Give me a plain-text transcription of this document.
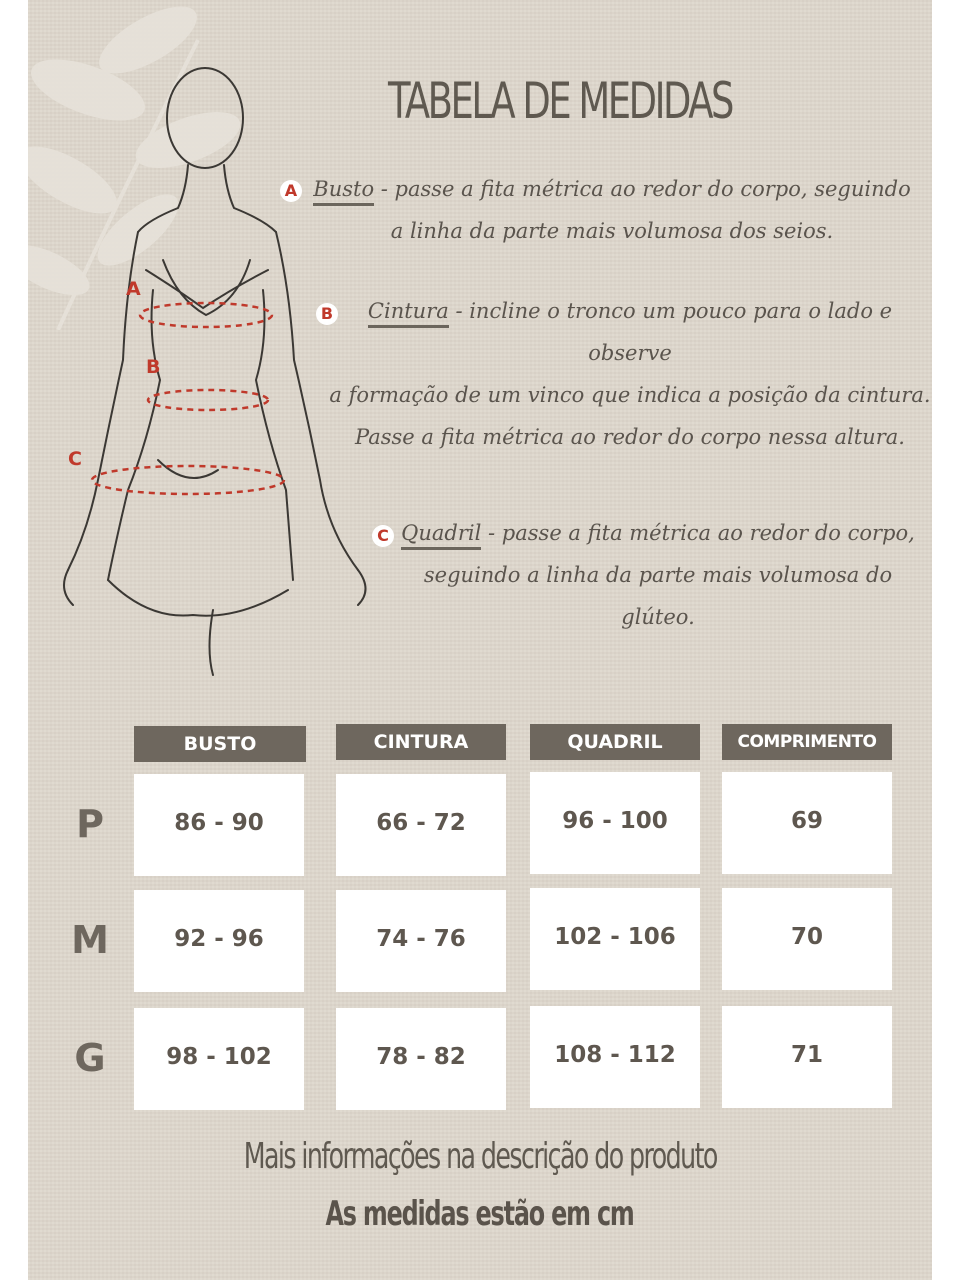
A
B
C
TABELA DE MEDIDAS
A Busto - passe a fita métrica ao redor do corpo, seguindo
a linha da parte mais volumosa dos seios.
B	Cintura - incline o tronco um pouco para o lado e
observe
a formação de um vinco que indica a posição da cintura.
Passe a fita métrica ao redor do corpo nessa altura.
C Quadril - passe a fita métrica ao redor do corpo,
seguindo a linha da parte mais volumosa do
glúteo.
BUSTO	CINTURA	QUADRIL	COMPRIMENTO
P	86 - 90	66 - 72	96 - 100	69
M	92 - 96	74 - 76	102 - 106	70
G	98 - 102	78 - 82	108 - 112	71
Mais informações na descrição do produto
As medidas estão em cm
